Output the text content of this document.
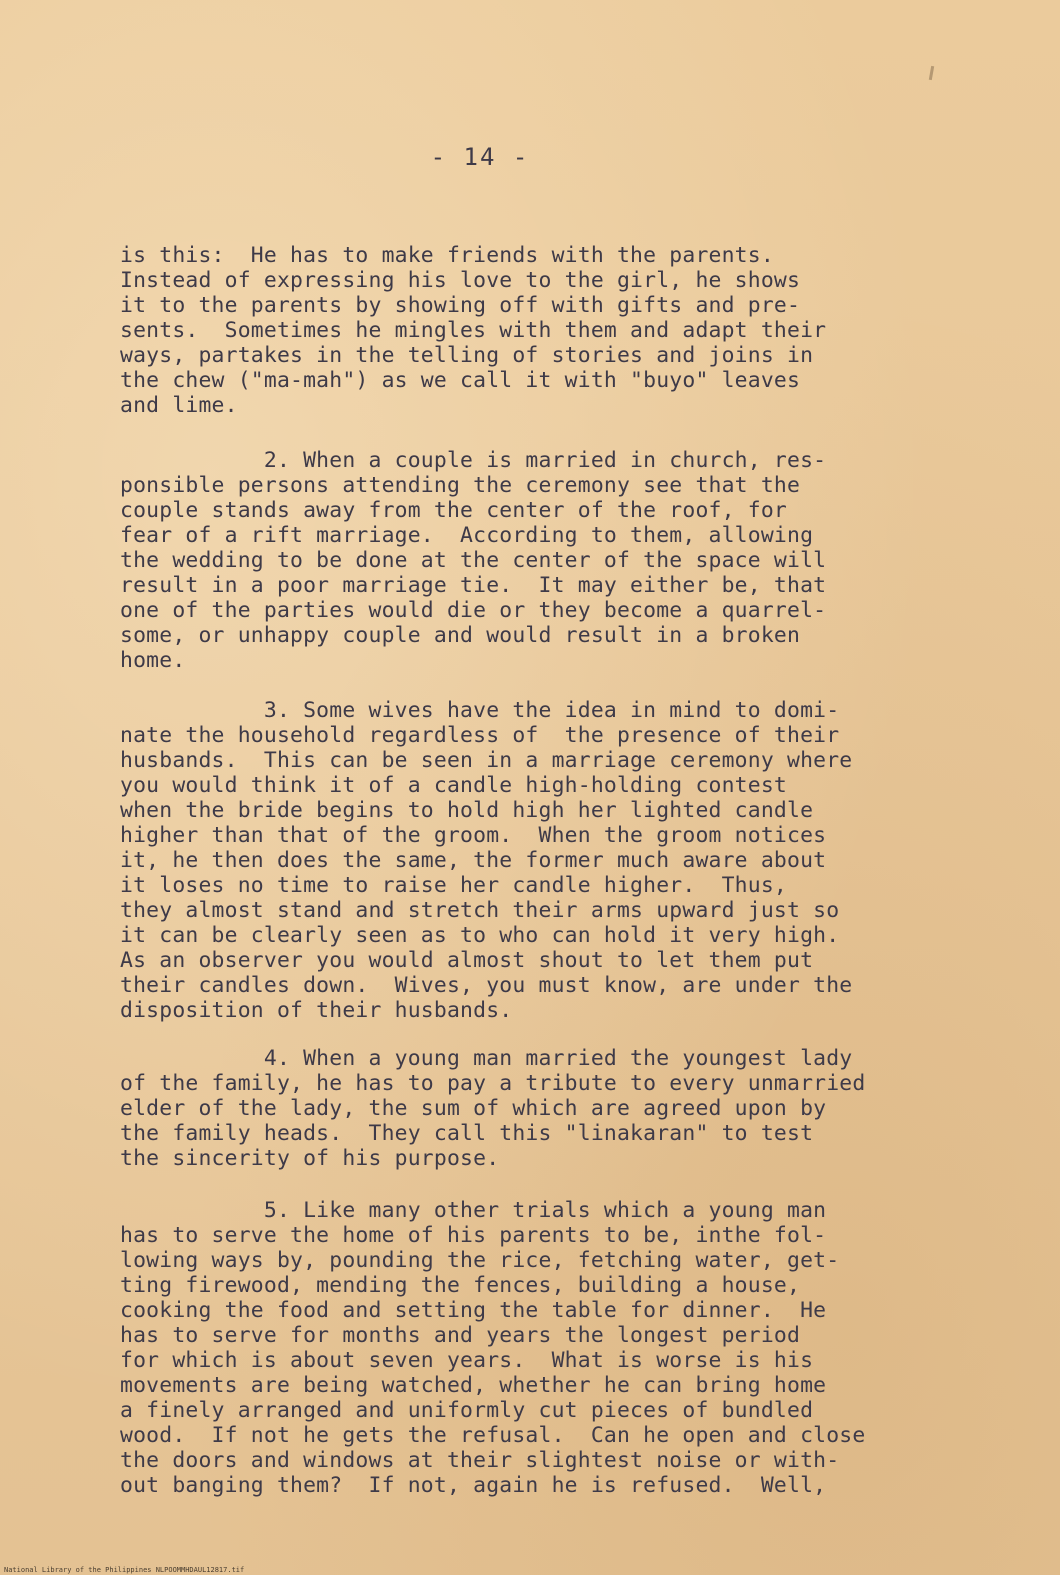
- 14 -

is this:  He has to make friends with the parents.
Instead of expressing his love to the girl, he shows
it to the parents by showing off with gifts and pre-
sents.  Sometimes he mingles with them and adapt their
ways, partakes in the telling of stories and joins in
the chew ("ma-mah") as we call it with "buyo" leaves
and lime.

2. When a couple is married in church, res-
ponsible persons attending the ceremony see that the
couple stands away from the center of the roof, for
fear of a rift marriage.  According to them, allowing
the wedding to be done at the center of the space will
result in a poor marriage tie.  It may either be, that
one of the parties would die or they become a quarrel-
some, or unhappy couple and would result in a broken
home.

3. Some wives have the idea in mind to domi-
nate the household regardless of  the presence of their
husbands.  This can be seen in a marriage ceremony where
you would think it of a candle high-holding contest
when the bride begins to hold high her lighted candle
higher than that of the groom.  When the groom notices
it, he then does the same, the former much aware about
it loses no time to raise her candle higher.  Thus,
they almost stand and stretch their arms upward just so
it can be clearly seen as to who can hold it very high.
As an observer you would almost shout to let them put
their candles down.  Wives, you must know, are under the
disposition of their husbands.

4. When a young man married the youngest lady
of the family, he has to pay a tribute to every unmarried
elder of the lady, the sum of which are agreed upon by
the family heads.  They call this "linakaran" to test
the sincerity of his purpose.

5. Like many other trials which a young man
has to serve the home of his parents to be, inthe fol-
lowing ways by, pounding the rice, fetching water, get-
ting firewood, mending the fences, building a house,
cooking the food and setting the table for dinner.  He
has to serve for months and years the longest period
for which is about seven years.  What is worse is his
movements are being watched, whether he can bring home
a finely arranged and uniformly cut pieces of bundled
wood.  If not he gets the refusal.  Can he open and close
the doors and windows at their slightest noise or with-
out banging them?  If not, again he is refused.  Well,

National Library of the Philippines NLPOOMMHDAUL12817.tif
